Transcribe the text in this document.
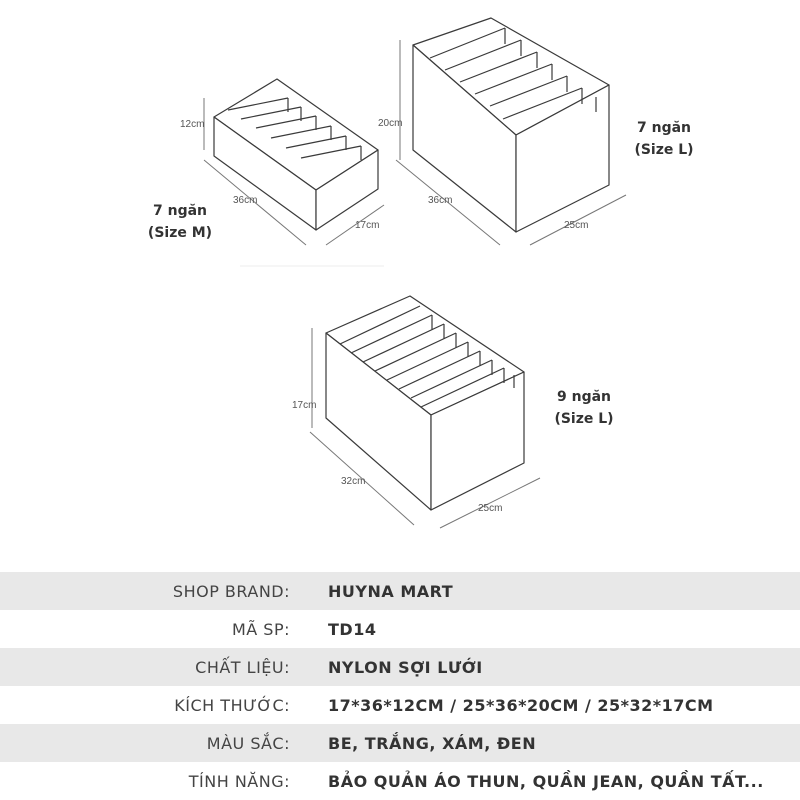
12cm
36cm
17cm
20cm
36cm
25cm
17cm
32cm
25cm
7 ngăn
(Size M)
7 ngăn
(Size L)
9 ngăn
(Size L)
SHOP BRAND: HUYNA MART
MÃ SP: TD14
CHẤT LIỆU: NYLON SỢI LƯỚI
KÍCH THƯỚC: 17*36*12CM / 25*36*20CM / 25*32*17CM
MÀU SẮC: BE, TRẮNG, XÁM, ĐEN
TÍNH NĂNG: BẢO QUẢN ÁO THUN, QUẦN JEAN, QUẦN TẤT...
